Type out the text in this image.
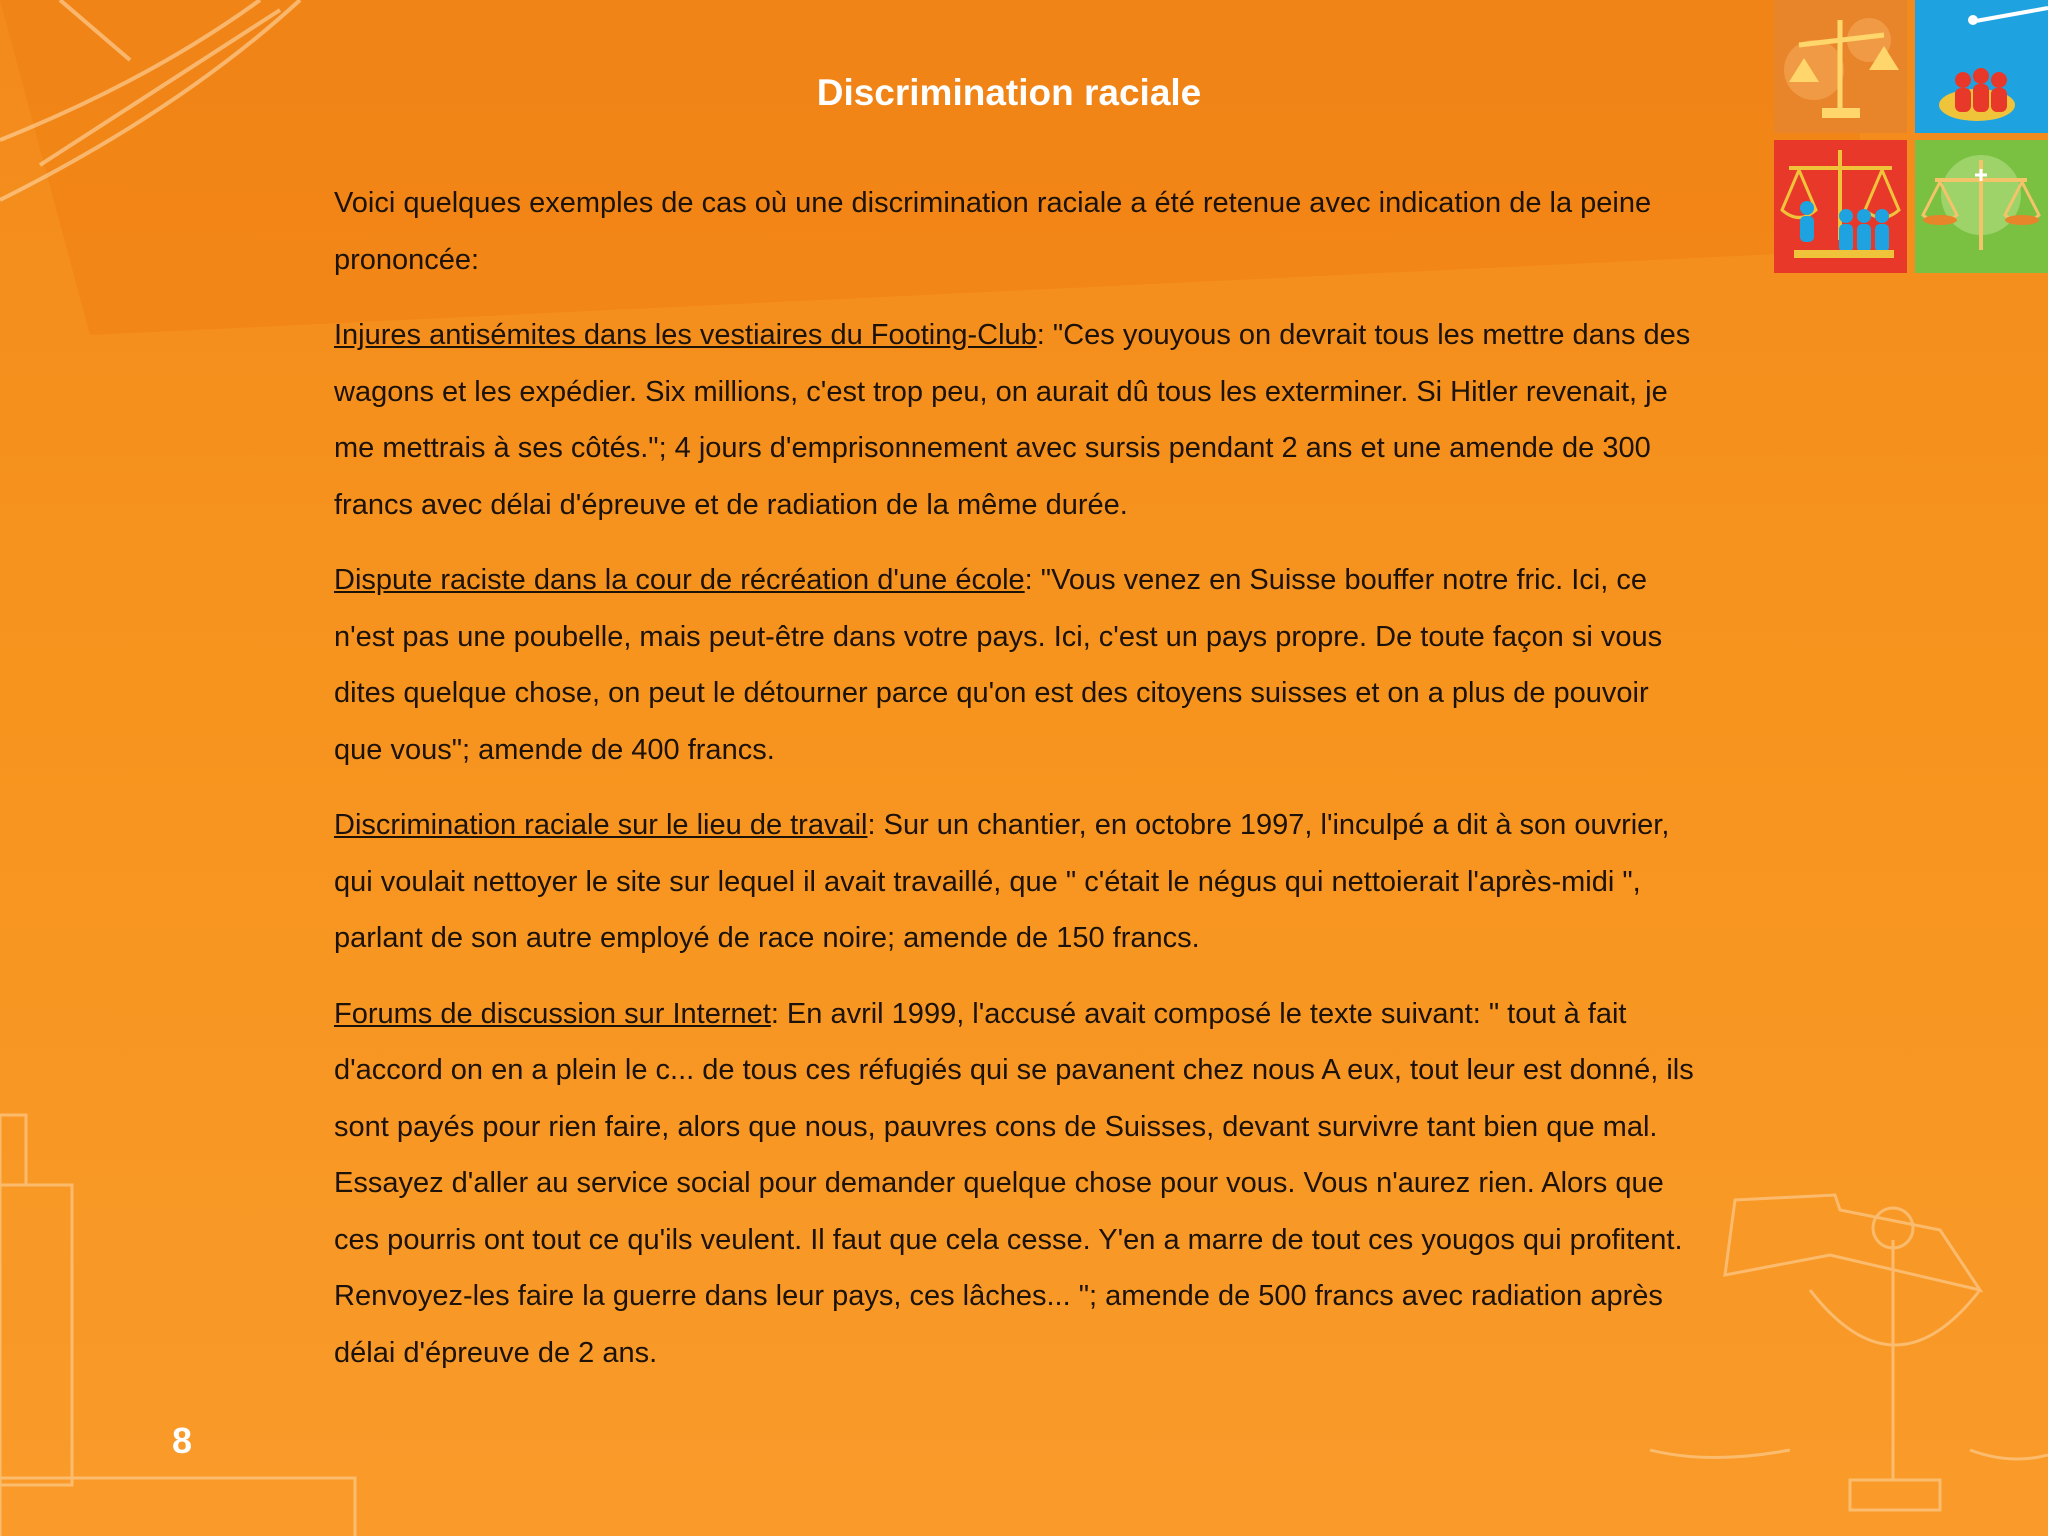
Discrimination raciale

Voici quelques exemples de cas où une discrimination raciale a été retenue avec indication de la peine prononcée:

Injures antisémites dans les vestiaires du Footing-Club: "Ces youyous on devrait tous les mettre dans des wagons et les expédier. Six millions, c'est trop peu, on aurait dû tous les exterminer. Si Hitler revenait, je me mettrais à ses côtés."; 4 jours d'emprisonnement avec sursis pendant 2 ans et une amende de 300 francs avec délai d'épreuve et de radiation de la même durée.

Dispute raciste dans la cour de récréation d'une école: "Vous venez en Suisse bouffer notre fric. Ici, ce n'est pas une poubelle, mais peut-être dans votre pays. Ici, c'est un pays propre. De toute façon si vous dites quelque chose, on peut le détourner parce qu'on est des citoyens suisses et on a plus de pouvoir que vous"; amende de 400 francs.

Discrimination raciale sur le lieu de travail: Sur un chantier, en octobre 1997, l'inculpé a dit à son ouvrier, qui voulait nettoyer le site sur lequel il avait travaillé, que " c'était le négus qui nettoierait l'après-midi ", parlant de son autre employé de race noire; amende de 150 francs.

Forums de discussion sur Internet: En avril 1999, l'accusé avait composé le texte suivant: " tout à fait d'accord on en a plein le c... de tous ces réfugiés qui se pavanent chez nous A eux, tout leur est donné, ils sont payés pour rien faire, alors que nous, pauvres cons de Suisses, devant survivre tant bien que mal. Essayez d'aller au service social pour demander quelque chose pour vous. Vous n'aurez rien. Alors que ces pourris ont tout ce qu'ils veulent. Il faut que cela cesse. Y'en a marre de tout ces yougos qui profitent. Renvoyez-les faire la guerre dans leur pays, ces lâches... "; amende de 500 francs avec radiation après délai d'épreuve de 2 ans.

8
